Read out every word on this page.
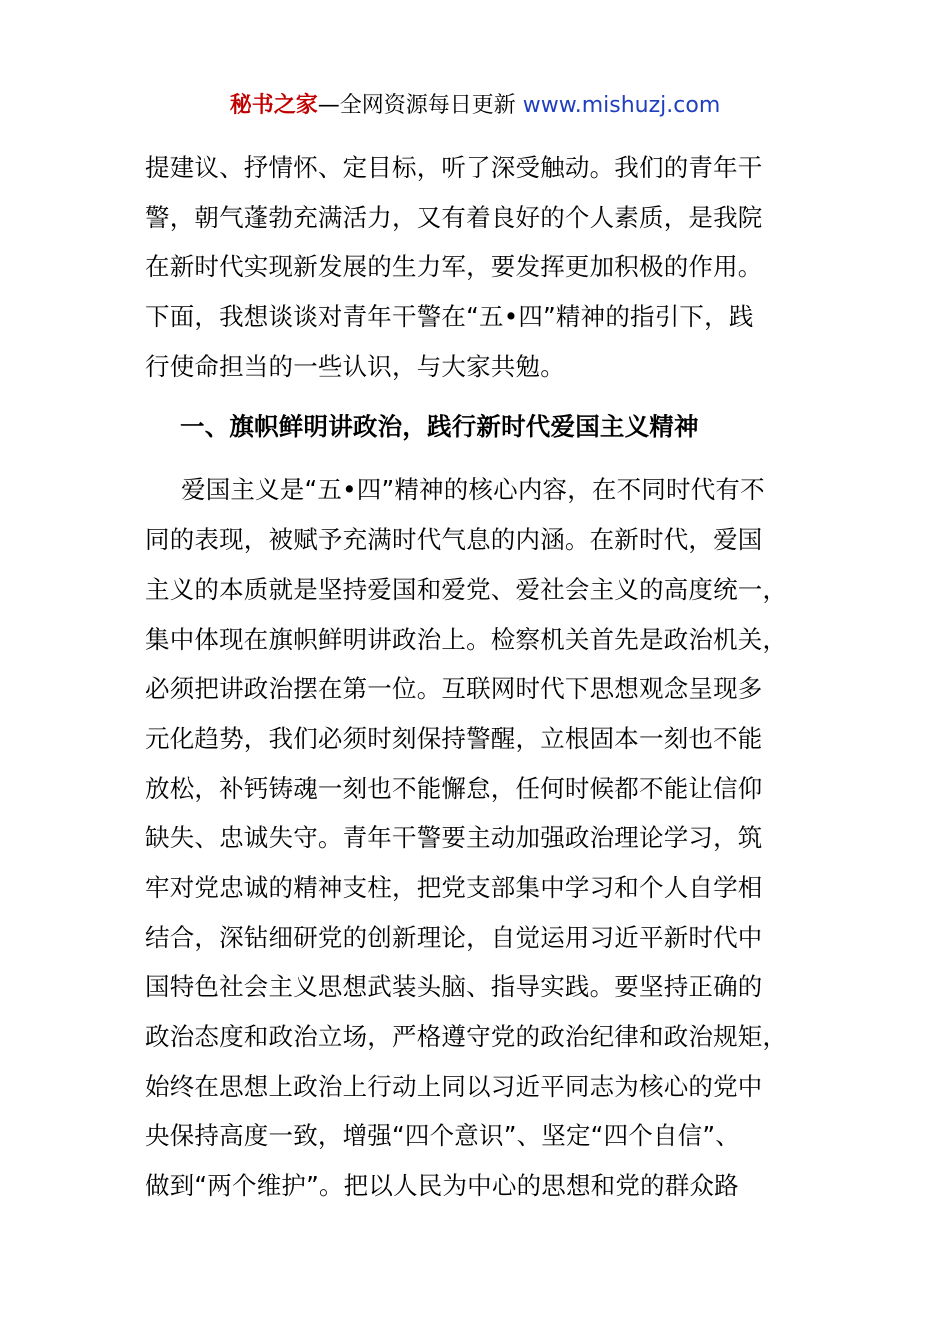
秘书之家—全网资源每日更新 www.mishuzj.com
提建议、抒情怀、定目标，听了深受触动。我们的青年干
警，朝气蓬勃充满活力，又有着良好的个人素质，是我院
在新时代实现新发展的生力军，要发挥更加积极的作用。
下面，我想谈谈对青年干警在“五•四”精神的指引下，践
行使命担当的一些认识，与大家共勉。
一、旗帜鲜明讲政治，践行新时代爱国主义精神
爱国主义是“五•四”精神的核心内容，在不同时代有不
同的表现，被赋予充满时代气息的内涵。在新时代，爱国
主义的本质就是坚持爱国和爱党、爱社会主义的高度统一，
集中体现在旗帜鲜明讲政治上。检察机关首先是政治机关，
必须把讲政治摆在第一位。互联网时代下思想观念呈现多
元化趋势，我们必须时刻保持警醒，立根固本一刻也不能
放松，补钙铸魂一刻也不能懈怠，任何时候都不能让信仰
缺失、忠诚失守。青年干警要主动加强政治理论学习，筑
牢对党忠诚的精神支柱，把党支部集中学习和个人自学相
结合，深钻细研党的创新理论，自觉运用习近平新时代中
国特色社会主义思想武装头脑、指导实践。要坚持正确的
政治态度和政治立场，严格遵守党的政治纪律和政治规矩，
始终在思想上政治上行动上同以习近平同志为核心的党中
央保持高度一致，增强“四个意识”、坚定“四个自信”、
做到“两个维护”。把以人民为中心的思想和党的群众路
